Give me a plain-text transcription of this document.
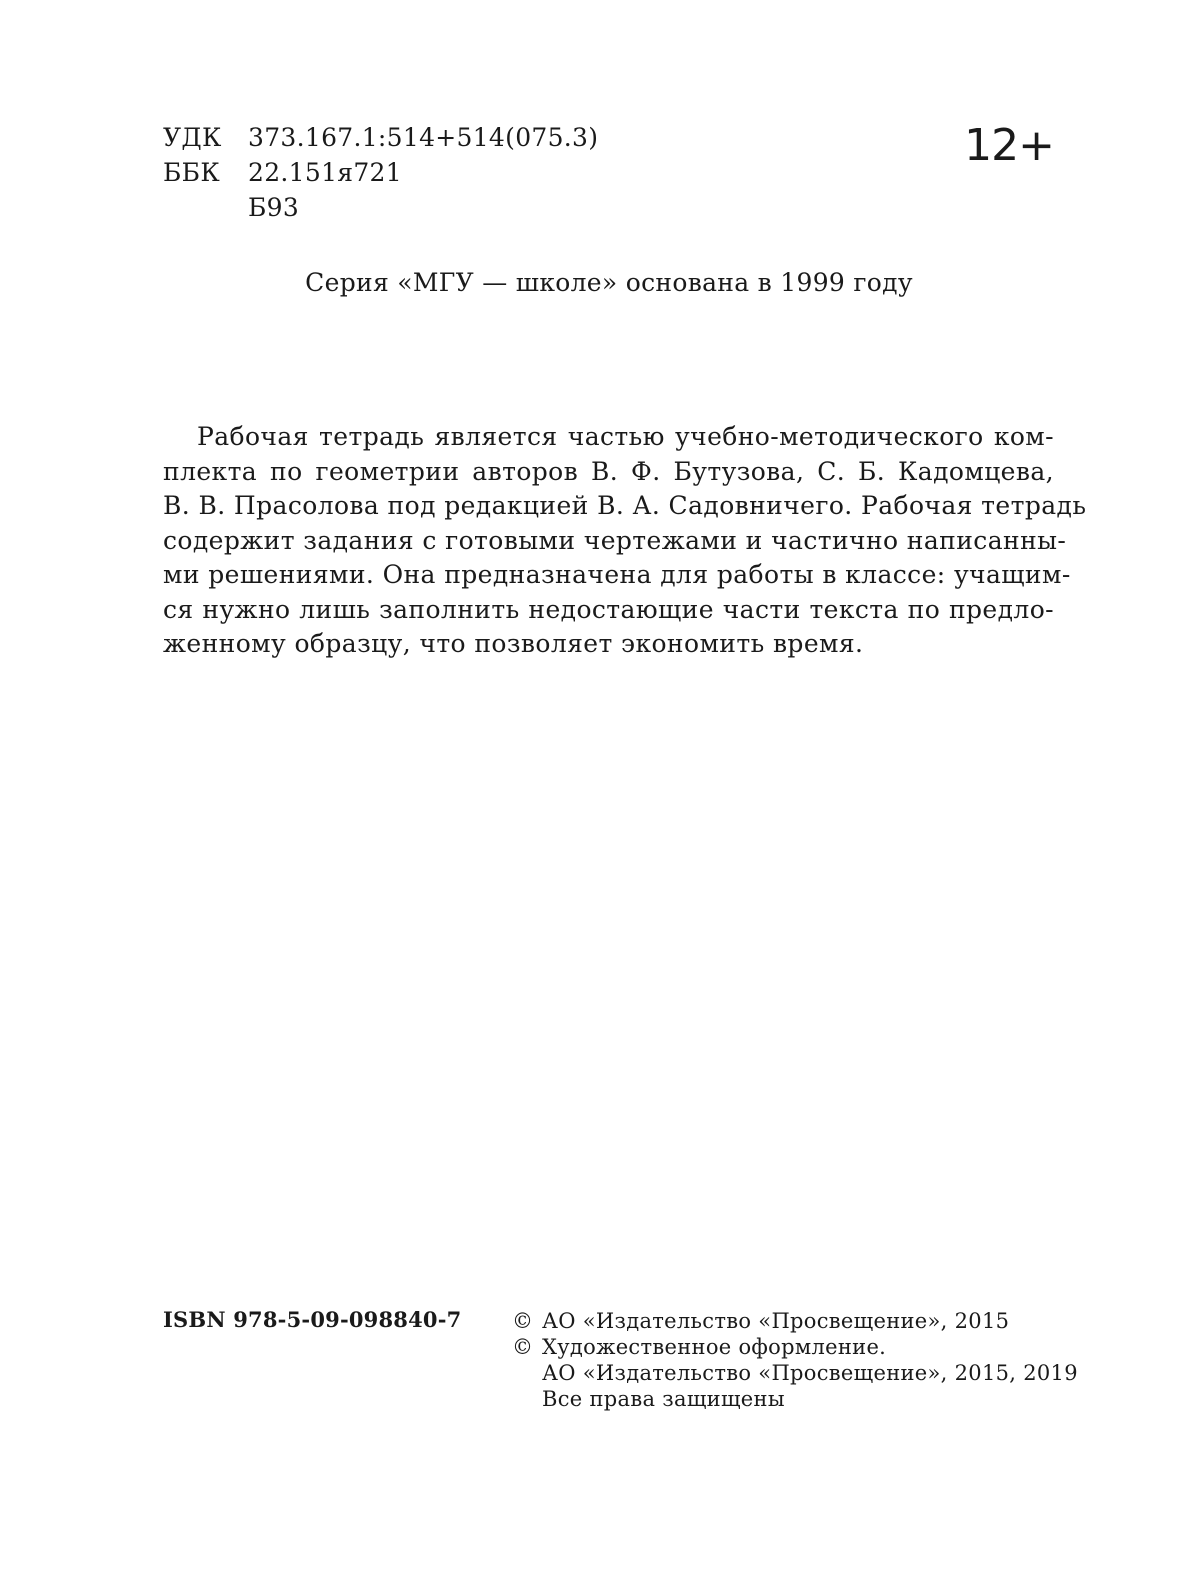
УДК	373.167.1:514+514(075.3)
ББК	22.151я721
Б93
12+
Серия «МГУ — школе» основана в 1999 году
Рабочая тетрадь является частью учебно-методического ком-
плекта по геометрии авторов В. Ф. Бутузова, С. Б. Кадомцева,
В. В. Прасолова под редакцией В. А. Садовничего. Рабочая тетрадь
содержит задания с готовыми чертежами и частично написанны-
ми решениями. Она предназначена для работы в классе: учащим-
ся нужно лишь заполнить недостающие части текста по предло-
женному образцу, что позволяет экономить время.
ISBN 978-5-09-098840-7 © АО «Издательство «Просвещение», 2015
© Художественное оформление.
АО «Издательство «Просвещение», 2015, 2019
Все права защищены
